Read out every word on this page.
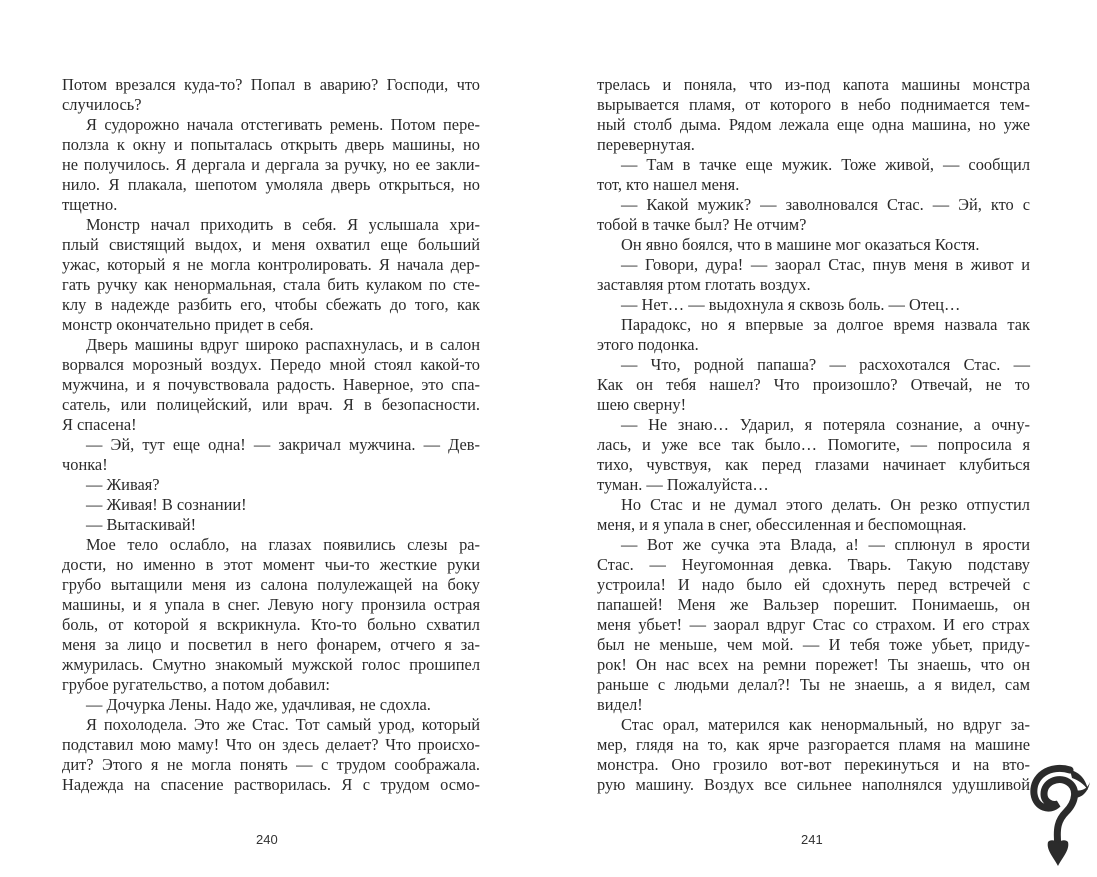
Потом врезался куда-то? Попал в аварию? Господи, что
случилось?
Я судорожно начала отстегивать ремень. Потом пере-
ползла к окну и попыталась открыть дверь машины, но
не получилось. Я дергала и дергала за ручку, но ее закли-
нило. Я плакала, шепотом умоляла дверь открыться, но
тщетно.
Монстр начал приходить в себя. Я услышала хри-
плый свистящий выдох, и меня охватил еще больший
ужас, который я не могла контролировать. Я начала дер-
гать ручку как ненормальная, стала бить кулаком по сте-
клу в надежде разбить его, чтобы сбежать до того, как
монстр окончательно придет в себя.
Дверь машины вдруг широко распахнулась, и в салон
ворвался морозный воздух. Передо мной стоял какой-то
мужчина, и я почувствовала радость. Наверное, это спа-
сатель, или полицейский, или врач. Я в безопасности.
Я спасена!
— Эй, тут еще одна! — закричал мужчина. — Дев-
чонка!
— Живая?
— Живая! В сознании!
— Вытаскивай!
Мое тело ослабло, на глазах появились слезы ра-
дости, но именно в этот момент чьи-то жесткие руки
грубо вытащили меня из салона полулежащей на боку
машины, и я упала в снег. Левую ногу пронзила острая
боль, от которой я вскрикнула. Кто-то больно схватил
меня за лицо и посветил в него фонарем, отчего я за-
жмурилась. Смутно знакомый мужской голос прошипел
грубое ругательство, а потом добавил:
— Дочурка Лены. Надо же, удачливая, не сдохла.
Я похолодела. Это же Стас. Тот самый урод, который
подставил мою маму! Что он здесь делает? Что происхо-
дит? Этого я не могла понять — с трудом соображала.
Надежда на спасение растворилась. Я с трудом осмо-
240
трелась и поняла, что из-под капота машины монстра
вырывается пламя, от которого в небо поднимается тем-
ный столб дыма. Рядом лежала еще одна машина, но уже
перевернутая.
— Там в тачке еще мужик. Тоже живой, — сообщил
тот, кто нашел меня.
— Какой мужик? — заволновался Стас. — Эй, кто с
тобой в тачке был? Не отчим?
Он явно боялся, что в машине мог оказаться Костя.
— Говори, дура! — заорал Стас, пнув меня в живот и
заставляя ртом глотать воздух.
— Нет… — выдохнула я сквозь боль. — Отец…
Парадокс, но я впервые за долгое время назвала так
этого подонка.
— Что, родной папаша? — расхохотался Стас. —
Как он тебя нашел? Что произошло? Отвечай, не то
шею сверну!
— Не знаю… Ударил, я потеряла сознание, а очну-
лась, и уже все так было… Помогите, — попросила я
тихо, чувствуя, как перед глазами начинает клубиться
туман. — Пожалуйста…
Но Стас и не думал этого делать. Он резко отпустил
меня, и я упала в снег, обессиленная и беспомощная.
— Вот же сучка эта Влада, а! — сплюнул в ярости
Стас. — Неугомонная девка. Тварь. Такую подставу
устроила! И надо было ей сдохнуть перед встречей с
папашей! Меня же Вальзер порешит. Понимаешь, он
меня убьет! — заорал вдруг Стас со страхом. И его страх
был не меньше, чем мой. — И тебя тоже убьет, приду-
рок! Он нас всех на ремни порежет! Ты знаешь, что он
раньше с людьми делал?! Ты не знаешь, а я видел, сам
видел!
Стас орал, матерился как ненормальный, но вдруг за-
мер, глядя на то, как ярче разгорается пламя на машине
монстра. Оно грозило вот-вот перекинуться и на вто-
рую машину. Воздух все сильнее наполнялся удушливой
241
